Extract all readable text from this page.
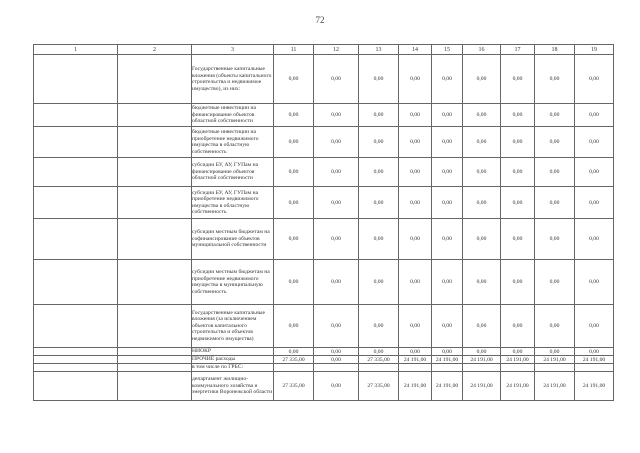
72
1	2	3	11	12	13	14	15	16	17	18	19
		Государственные капитальные вложения (объекты капитального строительства и недвижимое имущество), из них:	0,00	0,00	0,00	0,00	0,00	0,00	0,00	0,00	0,00
		бюджетные инвестиции на финансирование объектов областной собственности	0,00	0,00	0,00	0,00	0,00	0,00	0,00	0,00	0,00
		бюджетные инвестиции на приобретение недвижимого имущества в областную собственность	0,00	0,00	0,00	0,00	0,00	0,00	0,00	0,00	0,00
		субсидии БУ, АУ, ГУПам на финансирование объектов областной собственности	0,00	0,00	0,00	0,00	0,00	0,00	0,00	0,00	0,00
		субсидии БУ, АУ, ГУПам на приобретение недвижимого имущества в областную собственность	0,00	0,00	0,00	0,00	0,00	0,00	0,00	0,00	0,00
		субсидии местным бюджетам на софинансирование объектов муниципальной собственности	0,00	0,00	0,00	0,00	0,00	0,00	0,00	0,00	0,00
		субсидии местным бюджетам на приобретение недвижимого имущества в муниципальную собственность	0,00	0,00	0,00	0,00	0,00	0,00	0,00	0,00	0,00
		Государственные капитальные вложения (за исключением объектов капитального строительства и объектов недвижимого имущества)	0,00	0,00	0,00	0,00	0,00	0,00	0,00	0,00	0,00
		НИОКР	0,00	0,00	0,00	0,00	0,00	0,00	0,00	0,00	0,00
		ПРОЧИЕ расходы	27 335,00	0,00	27 335,00	24 191,00	24 191,00	24 191,00	24 191,00	24 191,00	24 191,00
		в том числе по ГРБС:									
		департамент жилищно-коммунального хозяйства и энергетики Воронежской области	27 335,00	0,00	27 335,00	24 191,00	24 191,00	24 191,00	24 191,00	24 191,00	24 191,00
